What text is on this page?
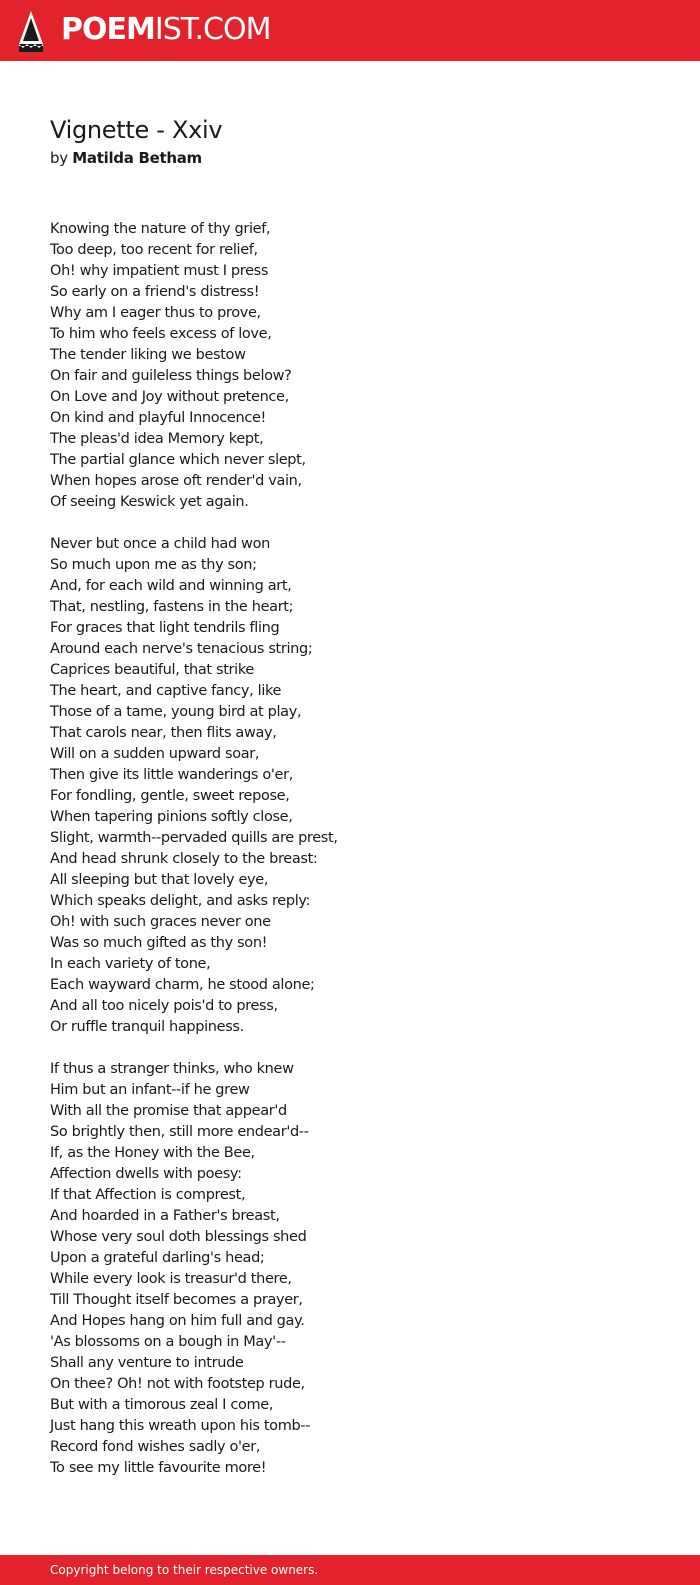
POEMIST.COM
Vignette - Xxiv
by Matilda Betham
Knowing the nature of thy grief,
Too deep, too recent for relief,
Oh! why impatient must I press
So early on a friend's distress!
Why am I eager thus to prove,
To him who feels excess of love,
The tender liking we bestow
On fair and guileless things below?
On Love and Joy without pretence,
On kind and playful Innocence!
The pleas'd idea Memory kept,
The partial glance which never slept,
When hopes arose oft render'd vain,
Of seeing Keswick yet again.
Never but once a child had won
So much upon me as thy son;
And, for each wild and winning art,
That, nestling, fastens in the heart;
For graces that light tendrils fling
Around each nerve's tenacious string;
Caprices beautiful, that strike
The heart, and captive fancy, like
Those of a tame, young bird at play,
That carols near, then flits away,
Will on a sudden upward soar,
Then give its little wanderings o'er,
For fondling, gentle, sweet repose,
When tapering pinions softly close,
Slight, warmth--pervaded quills are prest,
And head shrunk closely to the breast:
All sleeping but that lovely eye,
Which speaks delight, and asks reply:
Oh! with such graces never one
Was so much gifted as thy son!
In each variety of tone,
Each wayward charm, he stood alone;
And all too nicely pois'd to press,
Or ruffle tranquil happiness.
If thus a stranger thinks, who knew
Him but an infant--if he grew
With all the promise that appear'd
So brightly then, still more endear'd--
If, as the Honey with the Bee,
Affection dwells with poesy:
If that Affection is comprest,
And hoarded in a Father's breast,
Whose very soul doth blessings shed
Upon a grateful darling's head;
While every look is treasur'd there,
Till Thought itself becomes a prayer,
And Hopes hang on him full and gay.
'As blossoms on a bough in May'--
Shall any venture to intrude
On thee? Oh! not with footstep rude,
But with a timorous zeal I come,
Just hang this wreath upon his tomb--
Record fond wishes sadly o'er,
To see my little favourite more!
Copyright belong to their respective owners.
